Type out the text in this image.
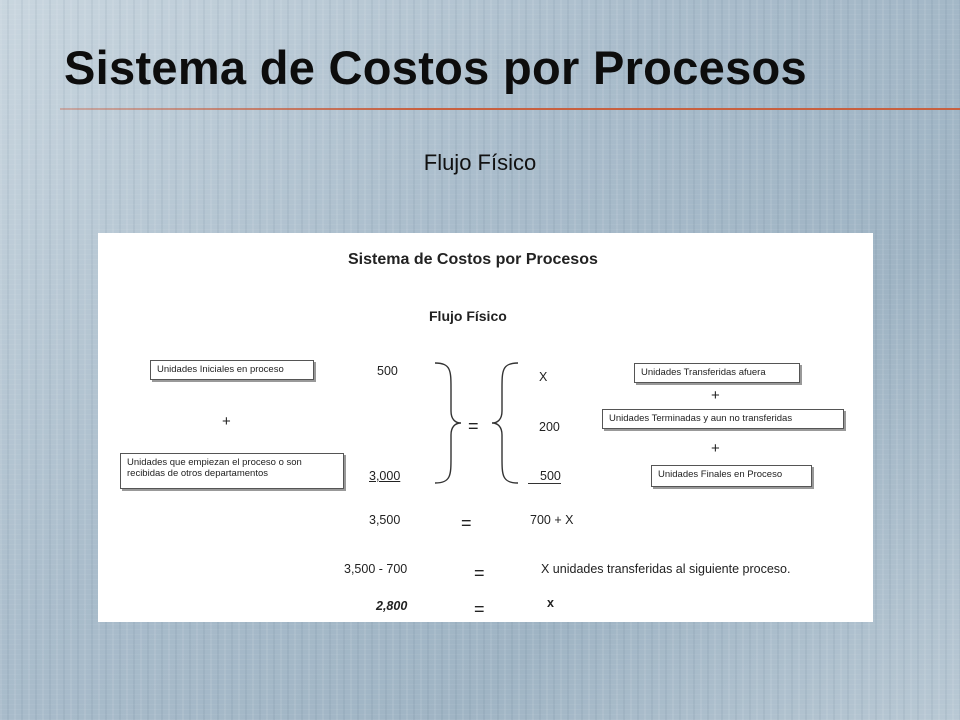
Sistema de Costos por Procesos
Flujo Físico
Sistema de Costos por Procesos
Flujo Físico
Unidades Iniciales en proceso
+
Unidades que empiezan el proceso o son recibidas de otros departamentos
500
3,000
=
X
200
500
Unidades Transferidas afuera
+
Unidades Terminadas y aun no transferidas
+
Unidades Finales en Proceso
3,500	=	700 + X
3,500 - 700	=	X unidades transferidas al siguiente proceso.
2,800	=	x
